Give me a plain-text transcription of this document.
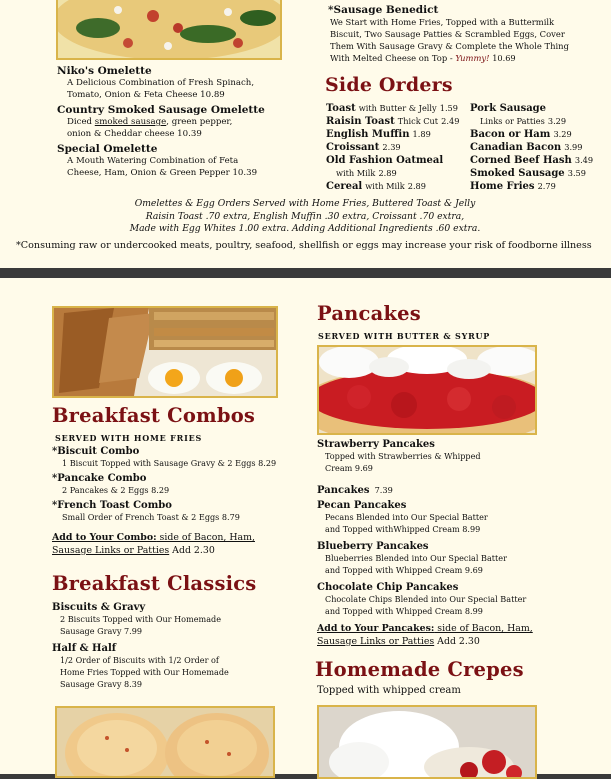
*Sausage Benedict
We Start with Home Fries, Topped with a Buttermilk
Biscuit, Two Sausage Patties & Scrambled Eggs, Cover
Them With Sausage Gravy & Complete the Whole Thing
With Melted Cheese on Top - Yummy! 10.69
Niko's Omelette
A Delicious Combination of Fresh Spinach,
Tomato, Onion & Feta Cheese 10.89
Country Smoked Sausage Omelette
Diced smoked sausage, green pepper,
onion & Cheddar cheese 10.39
Special Omelette
A Mouth Watering Combination of Feta
Cheese, Ham, Onion & Green Pepper 10.39
Side Orders
Toast with Butter & Jelly 1.59
Raisin Toast Thick Cut 2.49
English Muffin 1.89
Croissant 2.39
Old Fashion Oatmeal
with Milk 2.89
Cereal with Milk 2.89
Pork Sausage
Links or Patties 3.29
Bacon or Ham 3.29
Canadian Bacon 3.99
Corned Beef Hash 3.49
Smoked Sausage 3.59
Home Fries 2.79
Omelettes & Egg Orders Served with Home Fries, Buttered Toast & Jelly
Raisin Toast .70 extra, English Muffin .30 extra, Croissant .70 extra,
Made with Egg Whites 1.00 extra. Adding Additional Ingredients .60 extra.
*Consuming raw or undercooked meats, poultry, seafood, shellfish or eggs may increase your risk of foodborne illness
Breakfast Combos
SERVED WITH HOME FRIES
*Biscuit Combo
1 Biscuit Topped with Sausage Gravy & 2 Eggs 8.29
*Pancake Combo
2 Pancakes & 2 Eggs 8.29
*French Toast Combo
Small Order of French Toast & 2 Eggs 8.79
Add to Your Combo: side of Bacon, Ham,
Sausage Links or Patties Add 2.30
Breakfast Classics
Biscuits & Gravy
2 Biscuits Topped with Our Homemade
Sausage Gravy 7.99
Half & Half
1/2 Order of Biscuits with 1/2 Order of
Home Fries Topped with Our Homemade
Sausage Gravy 8.39
Pancakes
SERVED WITH BUTTER & SYRUP
Strawberry Pancakes
Topped with Strawberries & Whipped
Cream 9.69
Pancakes 7.39
Pecan Pancakes
Pecans Blended into Our Special Batter
and Topped withWhipped Cream 8.99
Blueberry Pancakes
Blueberries Blended into Our Special Batter
and Topped with Whipped Cream 9.69
Chocolate Chip Pancakes
Chocolate Chips Blended into Our Special Batter
and Topped with Whipped Cream 8.99
Add to Your Pancakes: side of Bacon, Ham,
Sausage Links or Patties Add 2.30
Homemade Crepes
Topped with whipped cream
